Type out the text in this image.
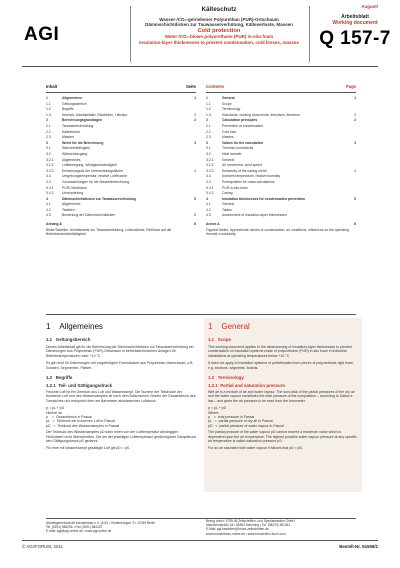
August/
AGI
Kälteschutz
Wasser-/CO₂-getriebener Polyurethan (PUR)-Ortschaum
Dämmschichtdicken zur Tauwasserverhütung, Kälteverluste, Massen
Cold protection
Water-/CO₂-blown polyurethane (PUR) in-situ foam
Insulation-layer thicknesses to prevent condensation, cold losses, masses
Arbeitsblatt
Working document
Q 157-7
Inhalt	Seite
1	Allgemeines	1
1.1	Geltungsbereich
1.2	Begriffe
1.3	Normen, Arbeitsblätter, Richtlinien, Literatur	2
2	Berechnungsgrundlagen	2
2.1	Tauwasserverhütung
2.2	Kälteverlust
2.3	Massen
3	Werte für die Berechnung	3
3.1	Wärmeleitfähigkeit
3.2	Wärmeübergang
3.2.1 Allgemeines
3.2.2 Luftbewegung, Windgeschwindigkeit
3.2.3 Emissionsgrad der Ummantelungsfläche	4
3.3	Umgebungstemperatur, relative Luftfeuchte
3.4	Voraussetzungen für die Massenberechnung
3.4.1 PUR-Ortschaum
3.4.2 Ummantelung
4	Dämmschichtdicken zur Tauwasserverhütung	5
4.1	Allgemeines
4.2	Tabellen
4.3	Bewertung der Dämmschichtdicken	5
Anhang A	6
Bilder/Tabellen: Anhaltswerte zur Tauwasserbildung, Luftzustände, Einflüsse auf die Betriebswärmeleitfähigkeit
Contents	Page
1	General	1
1.1	Scope
1.2	Terminology
1.3	Standards, working documents, directives, literature	2
2	Calculation principles	2
2.1	Prevention of condensation
2.2	Cold loss
2.3	Masses
3	Values for the calculation	3
3.1	Thermal conductivity
3.2	Heat transfer
3.2.1 General
3.2.2 Air movement, wind speed
3.2.3 Emissivity of the casing metal	4
3.3	Ambient temperature, relative humidity
3.4	Prerequisites for mass calculations
3.4.1 PUR-in-situ foam
3.4.2 Casing
4	Insulation thicknesses for condensation prevention	5
4.1	General
4.2	Tables
4.3	Assessment of insulation-layer thicknesses
Annex A	6
Figures/Tables: Approximate values of condensation, air conditions, influences on the operating thermal conductivity
1 Allgemeines
1.1 Geltungsbereich
Dieses Arbeitsblatt gilt für die Bemessung der Dämmschichtdicken zur Tauwasserverhütung bei Dämmungen aus Polyurethan (PUR)-Ortschaum in betriebstechnischen Anlagen für Betriebstemperaturen unter +10 °C.
Es gilt nicht für Dämmungen mit vorgefertigten Formstücken aus Polyurethan-Hartschaum, z.B. Schalen, Segmenten, Platten.
1.2 Begriffe
1.2.1 Teil- und Sättigungsdruck
Feuchte Luft ist ein Gemisch aus Luft und Wasserdampf. Die Summe der Teildrücke der trockenen Luft und des Wasserdampfes ist nach dem Daltonschen Gesetz der Gesamtdruck des Gemisches und entspricht dem am Barometer abzulesenden Luftdruck.
p = pL + pD
Hierbei ist:
p    =  Gesamtdruck in Pascal
pL   =  Teildruck der trockenen Luft in Pascal
pD   =  Teildruck des Wasserdampfes in Pascal
Der Teildruck des Wasserdampfes pD kann einen von der Lufttemperatur abhängigen Höchstwert nicht überschreiten. Die bei der jeweiligen Lufttemperatur größtmögliche Dampfdruck wird Sättigungsdruck pS genannt.
Für eine mit Wasserdampf gesättigte Luft gilt pD = pS.
1 General
1.1 Scope
This working document applies to the dimensioning of insulation-layer thicknesses to prevent condensation on insulation systems made of polyurethane (PUR) in-situ foam in industrial installations at operating temperatures below +10 °C.
It does not apply to insulation systems of prefabricated form pieces of polyurethane rigid foam, e.g. sections, segments, boards.
1.2 Terminology
1.2.1 Partial and saturation pressure
Wet air is a mixture of air and water vapour. The sum-total of the partial pressures of the dry air and the water vapour constitutes the total pressure of the composition – according to Dalton's law – and gives the air pressure to be read from the barometer.
p = pL + pD
Where:
p    =  total pressure in Pascal
pL   =  partial pressure of dry air in Pascal
pD   =  partial pressure of water vapour in Pascal
The partial pressure of the water vapour pD cannot exceed a maximum value which is dependent upon the air temperature. The highest possible water vapour pressure at any specific air temperature is called saturation pressure pS.
For an air saturated with water vapour it follows that pD = pS.
Arbeitsgemeinschaft Industriebau e.V. (AGI) • Hindenburgstr. 9 • 12345 Berlin
Tel. (0251) 884256 • Fax (0251) 884257
E-Mail: agi@agi-online.de • www.agi-online.de
Bezug durch: FORUM Zeitschriften- und Spezialmedien GmbH
Mandichostraße 18 • 86504 Merching • Tel. (08233) 381361
E-Mail: agi-bestellen@forum-zeitschriften.de
www.industriebau-online.de • www.immobilien-buch.com
© AGI/FORUM, 2011	Bestell-Nr. 51559/1
